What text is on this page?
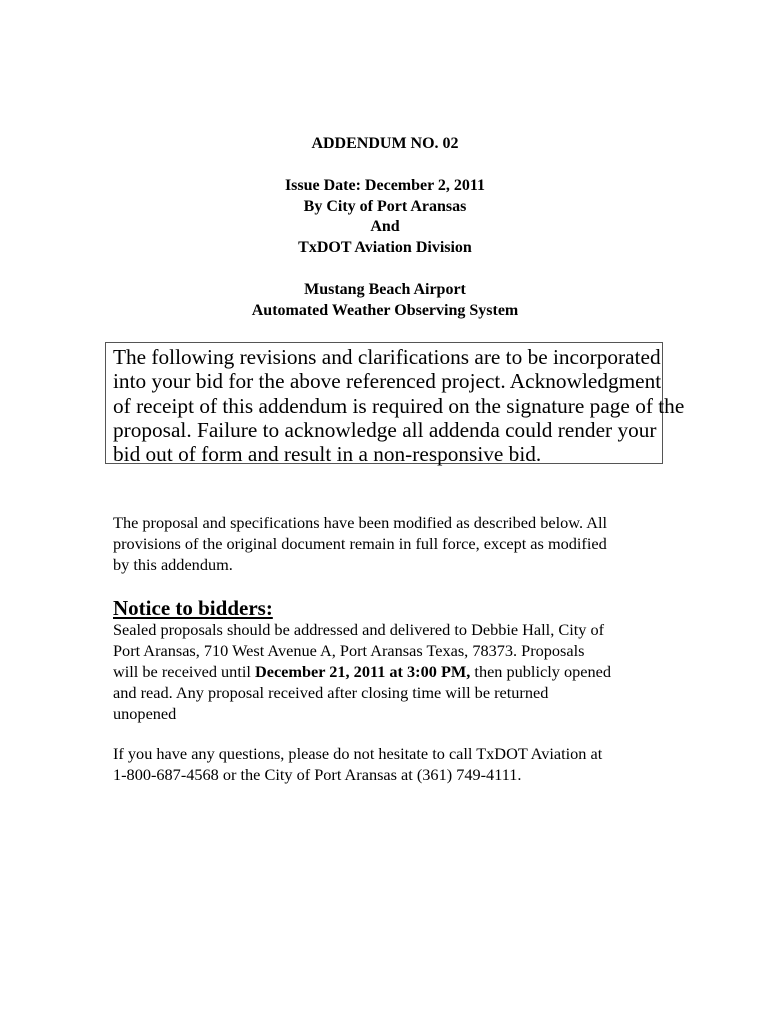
ADDENDUM NO. 02
Issue Date: December 2, 2011
By City of Port Aransas
And
TxDOT Aviation Division
Mustang Beach Airport
Automated Weather Observing System
The following revisions and clarifications are to be incorporated
into your bid for the above referenced project. Acknowledgment
of receipt of this addendum is required on the signature page of the
proposal. Failure to acknowledge all addenda could render your
bid out of form and result in a non-responsive bid.
The proposal and specifications have been modified as described below. All
provisions of the original document remain in full force, except as modified
by this addendum.
Notice to bidders:
Sealed proposals should be addressed and delivered to Debbie Hall, City of
Port Aransas, 710 West Avenue A, Port Aransas Texas, 78373. Proposals
will be received until December 21, 2011 at 3:00 PM, then publicly opened
and read. Any proposal received after closing time will be returned
unopened
If you have any questions, please do not hesitate to call TxDOT Aviation at
1-800-687-4568 or the City of Port Aransas at (361) 749-4111.
